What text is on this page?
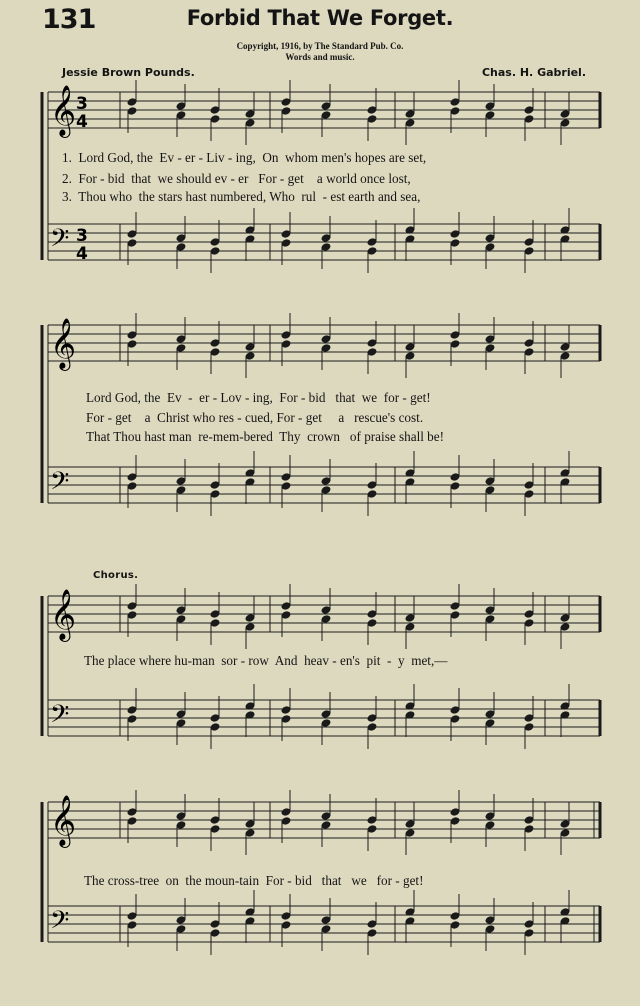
131	Forbid That We Forget.
Copyright, 1916, by The Standard Pub. Co.
Words and music.
Jessie Brown Pounds.	Chas. H. Gabriel.
𝄞
𝄢
3
4
3
4
𝄞
𝄢
𝄞
𝄢
𝄞
𝄢
1.  Lord God, the  Ev - er - Liv - ing,  On  whom men's hopes are set,
2.  For - bid  that  we should ev - er   For - get    a world once lost,
3.  Thou who  the stars hast numbered, Who  rul  - est earth and sea,
Lord God, the  Ev  -  er - Lov - ing,  For - bid   that  we  for - get!
For - get    a  Christ who res - cued, For - get     a   rescue's cost.
That Thou hast man  re-mem-bered  Thy  crown   of praise shall be!
Chorus.
The place where hu-man  sor - row  And  heav - en's  pit  -  y  met,—
The cross-tree  on  the moun-tain  For - bid   that   we   for - get!
